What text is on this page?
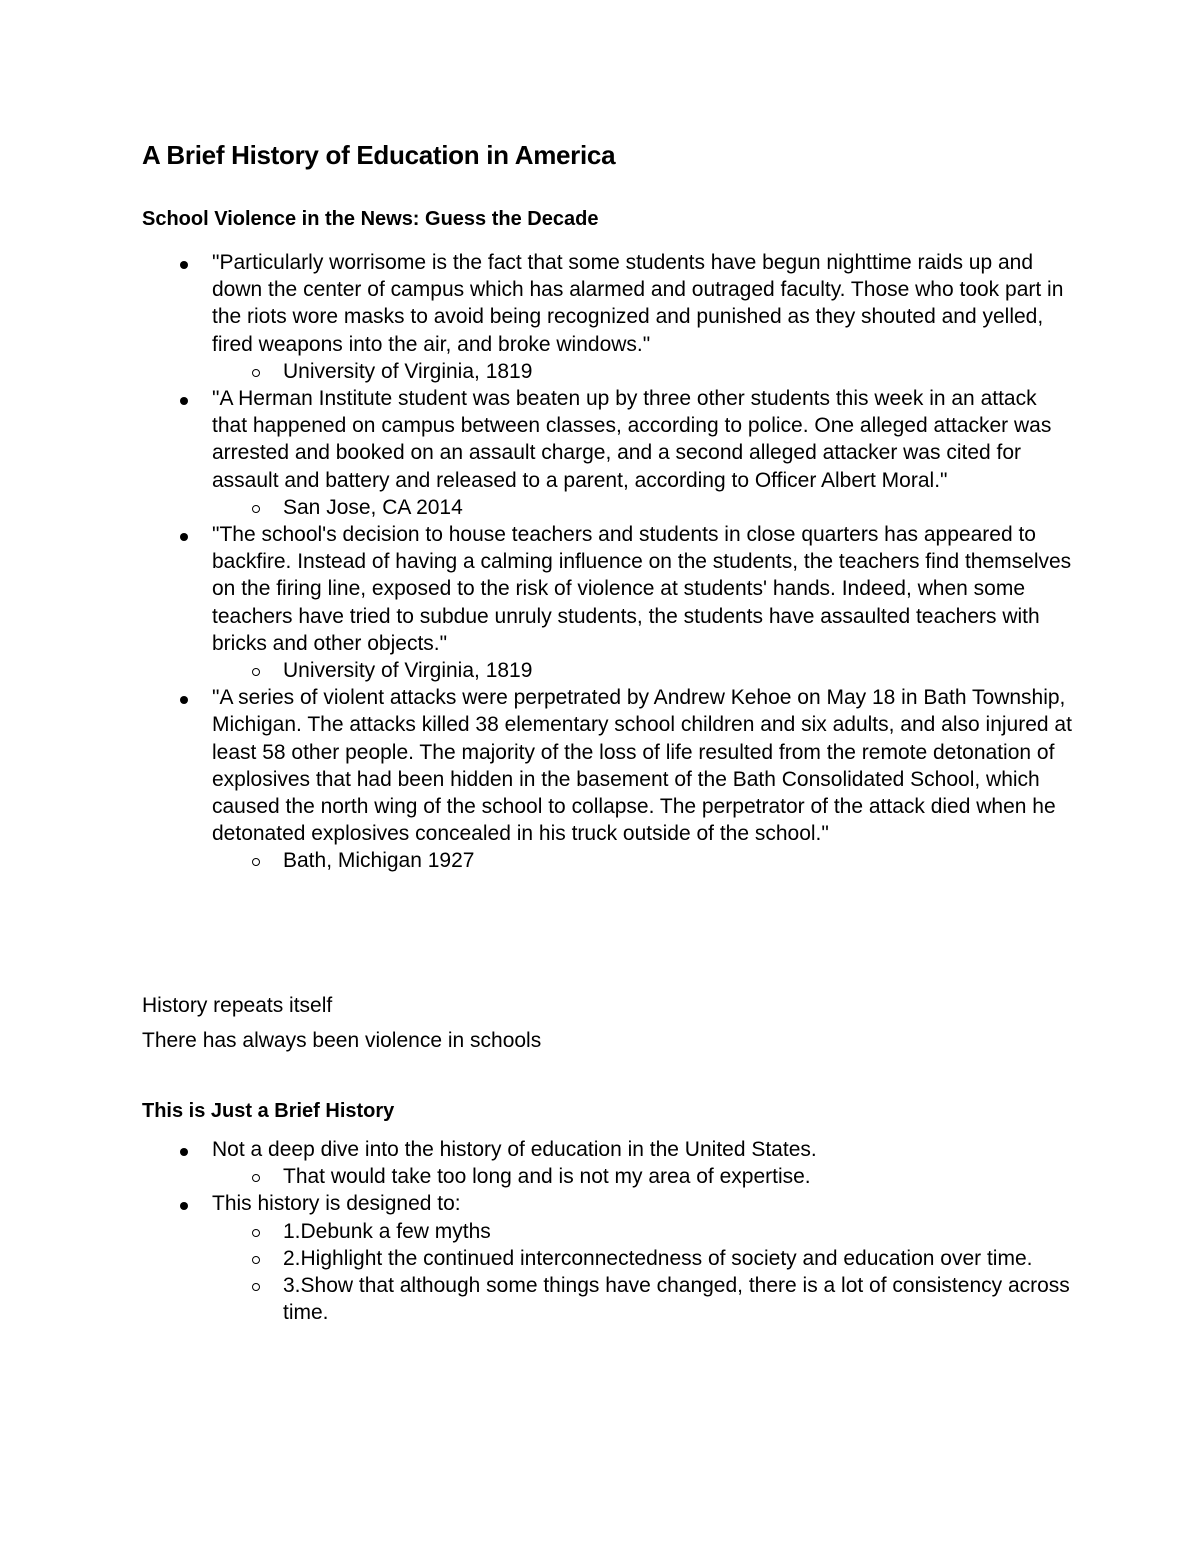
A Brief History of Education in America
School Violence in the News: Guess the Decade
"Particularly worrisome is the fact that some students have begun nighttime raids up and down the center of campus which has alarmed and outraged faculty. Those who took part in the riots wore masks to avoid being recognized and punished as they shouted and yelled, fired weapons into the air, and broke windows."
University of Virginia, 1819
"A Herman Institute student was beaten up by three other students this week in an attack that happened on campus between classes, according to police. One alleged attacker was arrested and booked on an assault charge, and a second alleged attacker was cited for assault and battery and released to a parent, according to Officer Albert Moral."
San Jose, CA 2014
"The school's decision to house teachers and students in close quarters has appeared to backfire. Instead of having a calming influence on the students, the teachers find themselves on the firing line, exposed to the risk of violence at students' hands. Indeed, when some teachers have tried to subdue unruly students, the students have assaulted teachers with bricks and other objects."
University of Virginia, 1819
"A series of violent attacks were perpetrated by Andrew Kehoe on May 18 in Bath Township, Michigan. The attacks killed 38 elementary school children and six adults, and also injured at least 58 other people. The majority of the loss of life resulted from the remote detonation of explosives that had been hidden in the basement of the Bath Consolidated School, which caused the north wing of the school to collapse. The perpetrator of the attack died when he detonated explosives concealed in his truck outside of the school."
Bath, Michigan 1927
History repeats itself
There has always been violence in schools
This is Just a Brief History
Not a deep dive into the history of education in the United States.
That would take too long and is not my area of expertise.
This history is designed to:
1.Debunk a few myths
2.Highlight the continued interconnectedness of society and education over time.
3.Show that although some things have changed, there is a lot of consistency across time.
